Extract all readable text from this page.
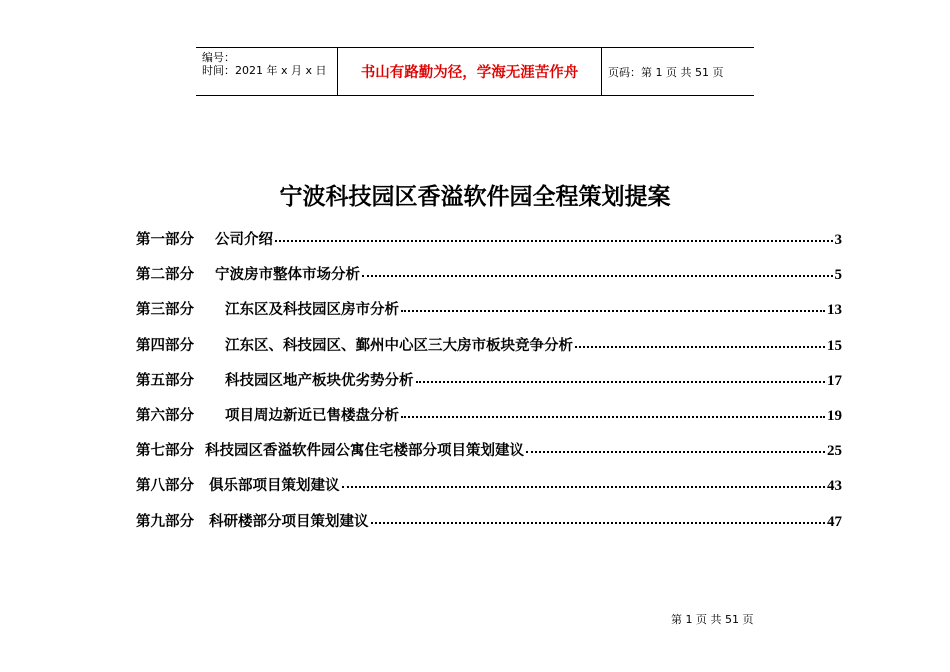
编号：
时间：2021 年 x 月 x 日	书山有路勤为径，学海无涯苦作舟	页码：第 1 页 共 51 页
宁波科技园区香溢软件园全程策划提案
第一部分 公司介绍	3
第二部分 宁波房市整体市场分析	5
第三部分 江东区及科技园区房市分析	13
第四部分 江东区、科技园区、鄞州中心区三大房市板块竞争分析	15
第五部分 科技园区地产板块优劣势分析	17
第六部分 项目周边新近已售楼盘分析	19
第七部分 科技园区香溢软件园公寓住宅楼部分项目策划建议	25
第八部分 俱乐部项目策划建议	43
第九部分 科研楼部分项目策划建议	47
第 1 页 共 51 页
